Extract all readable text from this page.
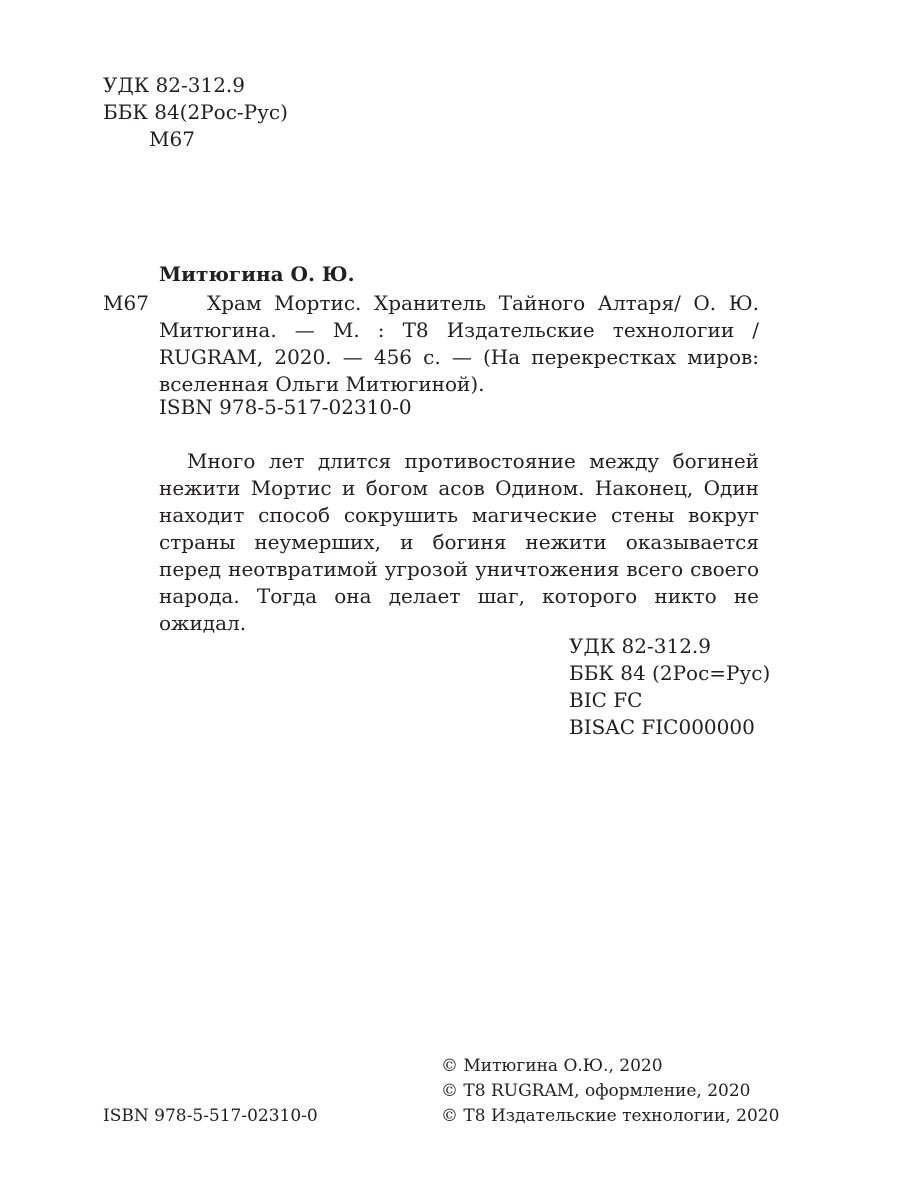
УДК 82-312.9

ББК 84(2Рос-Рус)

М67

Митюгина О. Ю.

М67	Храм Мортис. Хранитель Тайного Алтаря/ О. Ю. Митюгина. — М. : Т8 Издательские технологии / RUGRAM, 2020. — 456 с. — (На перекрестках миров: вселенная Ольги Митюгиной).

ISBN 978-5-517-02310-0

Много лет длится противостояние между богиней нежити Мортис и богом асов Одином. Наконец, Один находит способ сокрушить магические стены вокруг страны неумерших, и богиня нежити оказывается перед неотвратимой угрозой уничтожения всего своего народа. Тогда она делает шаг, которого никто не ожидал.

УДК 82-312.9

ББК 84 (2Рос=Рус)

BIC FC

BISAC FIC000000

ISBN 978-5-517-02310-0

© Митюгина О.Ю., 2020

© Т8 RUGRAM, оформление, 2020

© Т8 Издательские технологии, 2020
